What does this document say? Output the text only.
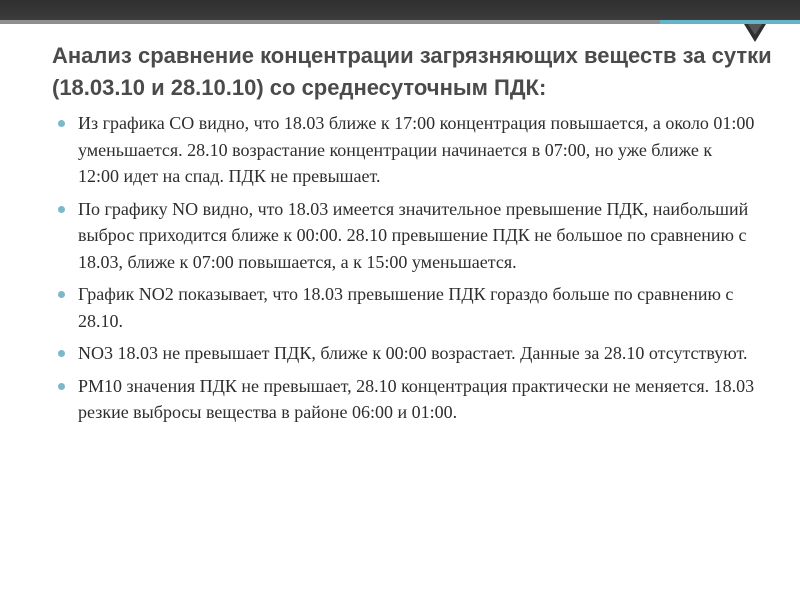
Анализ сравнение концентрации загрязняющих веществ за сутки (18.03.10 и 28.10.10) со среднесуточным ПДК:
Из графика CO видно, что 18.03 ближе к 17:00 концентрация повышается, а около 01:00 уменьшается. 28.10 возрастание концентрации начинается в 07:00, но уже ближе к 12:00 идет на спад. ПДК не превышает.
По графику NO видно, что 18.03 имеется значительное превышение ПДК, наибольший выброс приходится ближе к 00:00. 28.10 превышение ПДК не большое по сравнению с 18.03, ближе к 07:00 повышается, а к 15:00 уменьшается.
График NO2 показывает, что 18.03 превышение ПДК гораздо больше по сравнению с 28.10.
NO3 18.03 не превышает ПДК, ближе к 00:00 возрастает. Данные за 28.10 отсутствуют.
PM10 значения ПДК не превышает, 28.10 концентрация практически не меняется. 18.03 резкие выбросы вещества в районе 06:00 и 01:00.
